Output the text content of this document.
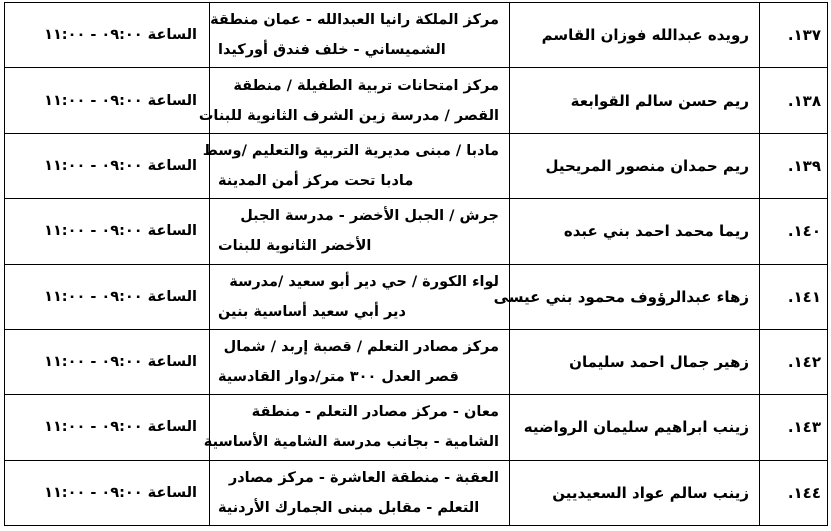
١٣٧.	رويده عبدالله فوزان القاسم	مركز الملكة رانيا العبدالله - عمان منطقة
الشميساني - خلف فندق أوركيدا	الساعة ٠٩:٠٠ - ١١:٠٠
١٣٨.	ريم حسن سالم القوابعة	مركز امتحانات تربية الطفيلة / منطقة
القصر / مدرسة زين الشرف الثانوية للبنات	الساعة ٠٩:٠٠ - ١١:٠٠
١٣٩.	ريم حمدان منصور المريحيل	مادبا / مبنى مديرية التربية والتعليم /وسط
مادبا تحت مركز أمن المدينة	الساعة ٠٩:٠٠ - ١١:٠٠
١٤٠.	ريما محمد احمد بني عبده	جرش / الجبل الأخضر - مدرسة الجبل
الأخضر الثانوية للبنات	الساعة ٠٩:٠٠ - ١١:٠٠
١٤١.	زهاء عبدالرؤوف محمود بني عيسى	لواء الكورة / حي دير أبو سعيد /مدرسة
دير أبي سعيد أساسية بنين	الساعة ٠٩:٠٠ - ١١:٠٠
١٤٢.	زهير جمال احمد سليمان	مركز مصادر التعلم / قصبة إربد / شمال
قصر العدل ٣٠٠ متر/دوار القادسية	الساعة ٠٩:٠٠ - ١١:٠٠
١٤٣.	زينب ابراهيم سليمان الرواضيه	معان - مركز مصادر التعلم - منطقة
الشامية - بجانب مدرسة الشامية الأساسية	الساعة ٠٩:٠٠ - ١١:٠٠
١٤٤.	زينب سالم عواد السعيديين	العقبة - منطقة العاشرة - مركز مصادر
التعلم - مقابل مبنى الجمارك الأردنية	الساعة ٠٩:٠٠ - ١١:٠٠
